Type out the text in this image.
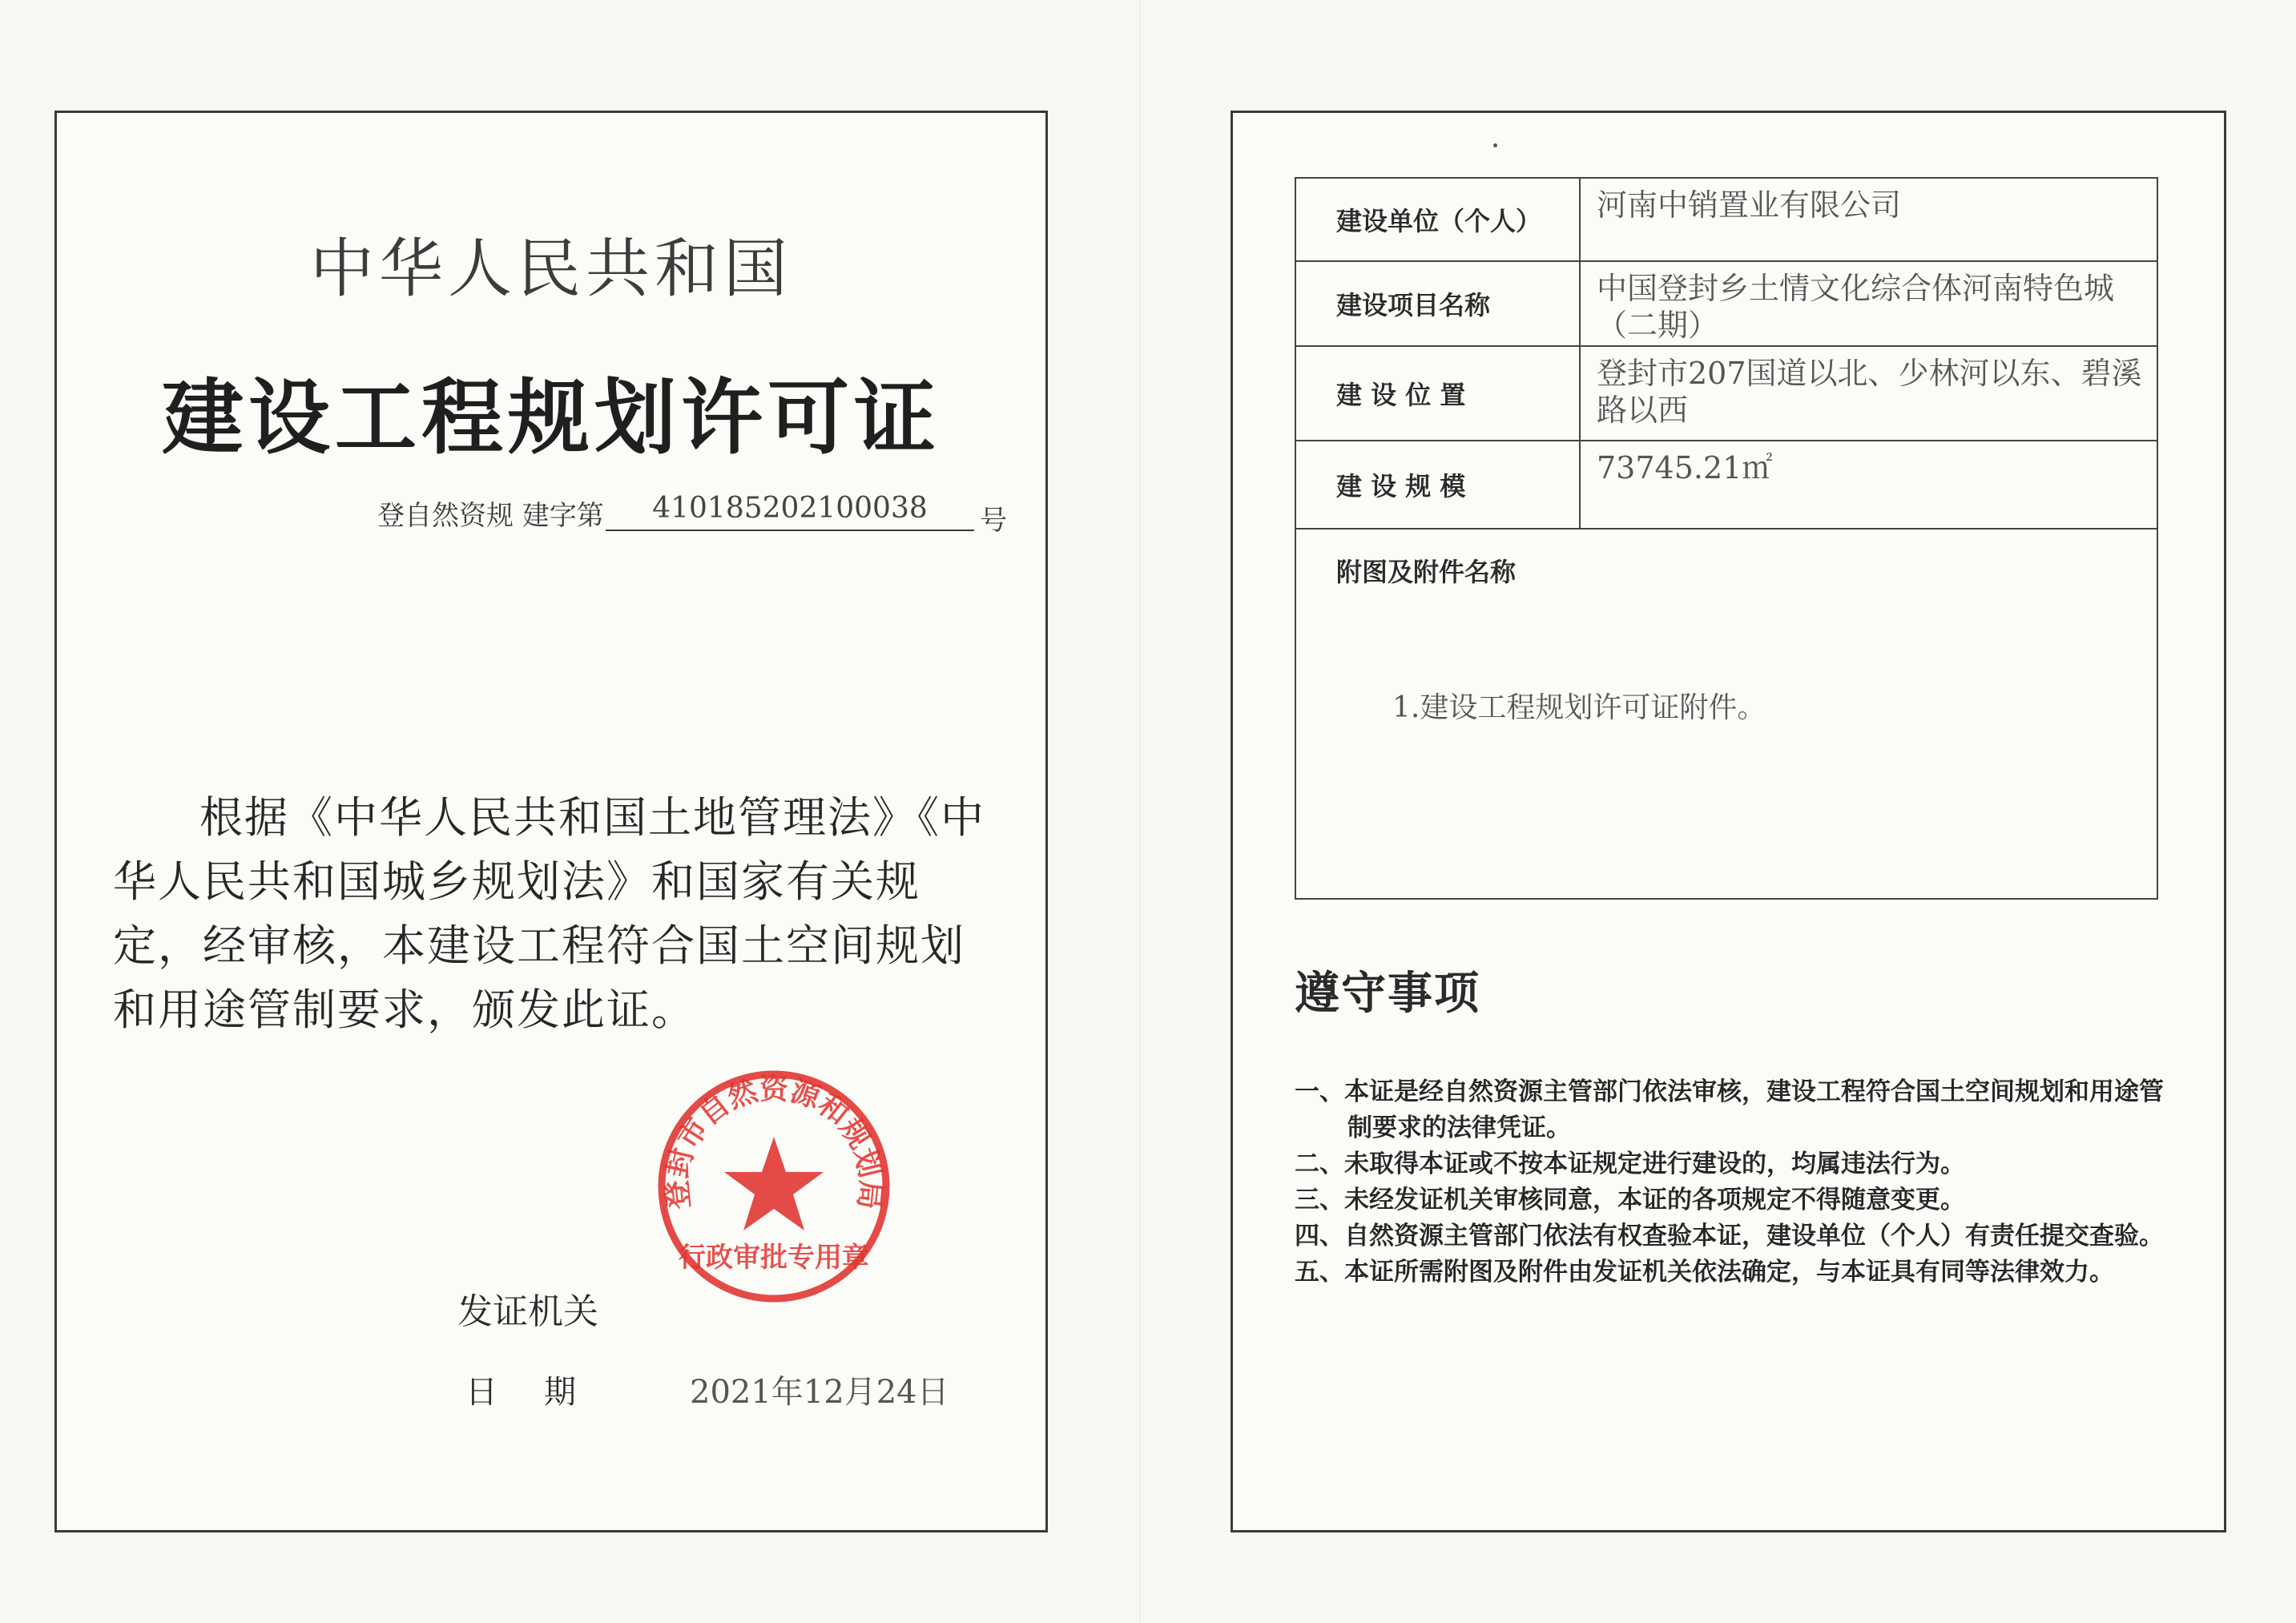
中华人民共和国
建设工程规划许可证
登自然资规 建字第	410185202100038	号
根据《中华人民共和国土地管理法》《中华人民共和国城乡规划法》和国家有关规定，经审核，本建设工程符合国土空间规划和用途管制要求，颁发此证。
登封市自然资源和规划局
行政审批专用章
发证机关
日期 2021年12月24日
建设单位（个人）	河南中销置业有限公司
建设项目名称	中国登封乡土情文化综合体河南特色城（二期）
建 设 位 置	登封市207国道以北、少林河以东、碧溪路以西
建 设 规 模	73745.21㎡

附图及附件名称
1.建设工程规划许可证附件。	
遵守事项
一、本证是经自然资源主管部门依法审核，建设工程符合国土空间规划和用途管制要求的法律凭证。
二、未取得本证或不按本证规定进行建设的，均属违法行为。
三、未经发证机关审核同意，本证的各项规定不得随意变更。
四、自然资源主管部门依法有权查验本证，建设单位（个人）有责任提交查验。
五、本证所需附图及附件由发证机关依法确定，与本证具有同等法律效力。
